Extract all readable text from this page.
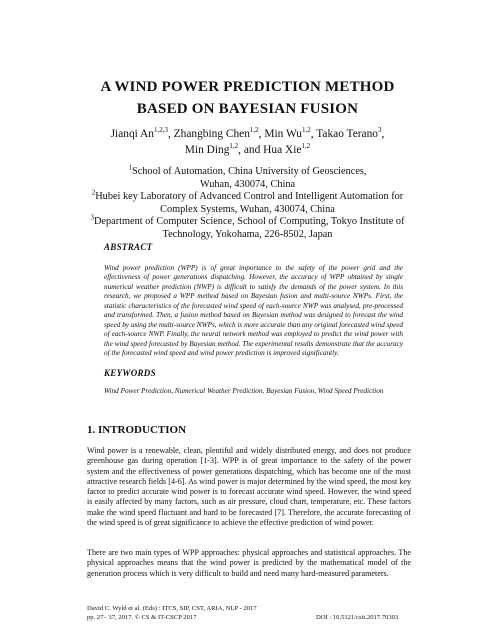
A WIND POWER PREDICTION METHOD
BASED ON BAYESIAN FUSION
Jianqi An$^{1,2,3}$, Zhangbing Chen$^{1,2}$, Min Wu$^{1,2}$, Takao Terano$^3$,
Min Ding$^{1,2}$, and Hua Xie$^{1,2}$
$^1$School of Automation, China University of Geosciences,
Wuhan, 430074, China
$^2$Hubei key Laboratory of Advanced Control and Intelligent Automation for
Complex Systems, Wuhan, 430074, China
$^3$Department of Computer Science, School of Computing, Tokyo Institute of
Technology, Yokohama, 226-8502, Japan
ABSTRACT
Wind power prediction (WPP) is of great importance to the safety of the power grid and the effectiveness of power generations dispatching. However, the accuracy of WPP obtained by single numerical weather prediction (NWP) is difficult to satisfy the demands of the power system. In this research, we proposed a WPP method based on Bayesian fusion and multi-source NWPs. First, the statistic characteristics of the forecasted wind speed of each-source NWP was analysed, pre-processed and transformed. Then, a fusion method based on Bayesian method was designed to forecast the wind speed by using the multi-source NWPs, which is more accurate than any original forecasted wind speed of each-source NWP. Finally, the neural network method was employed to predict the wind power with the wind speed forecasted by Bayesian method. The experimental results demonstrate that the accuracy of the forecasted wind speed and wind power prediction is improved significantly.
KEYWORDS
Wind Power Prediction, Numerical Weather Prediction, Bayesian Fusion, Wind Speed Prediction
1. INTRODUCTION
Wind power is a renewable, clean, plentiful and widely distributed energy, and does not produce greenhouse gas during operation [1-3]. WPP is of great importance to the safety of the power system and the effectiveness of power generations dispatching, which has become one of the most attractive research fields [4-6]. As wind power is major determined by the wind speed, the most key factor to predict accurate wind power is to forecast accurate wind speed. However, the wind speed is easily affected by many factors, such as air pressure, cloud chart, temperature, etc. These factors make the wind speed fluctuant and hard to be forecasted [7]. Therefore, the accurate forecasting of the wind speed is of great significance to achieve the effective prediction of wind power.
There are two main types of WPP approaches: physical approaches and statistical approaches. The physical approaches means that the wind power is predicted by the mathematical model of the generation process which is very difficult to build and need many hard-measured parameters.
David C. Wyld et al. (Eds) : ITCS, SIP, CST, ARIA, NLP - 2017
pp. 27– 37, 2017. © CS & IT-CSCP 2017	DOI : 10.5121/csit.2017.70303
